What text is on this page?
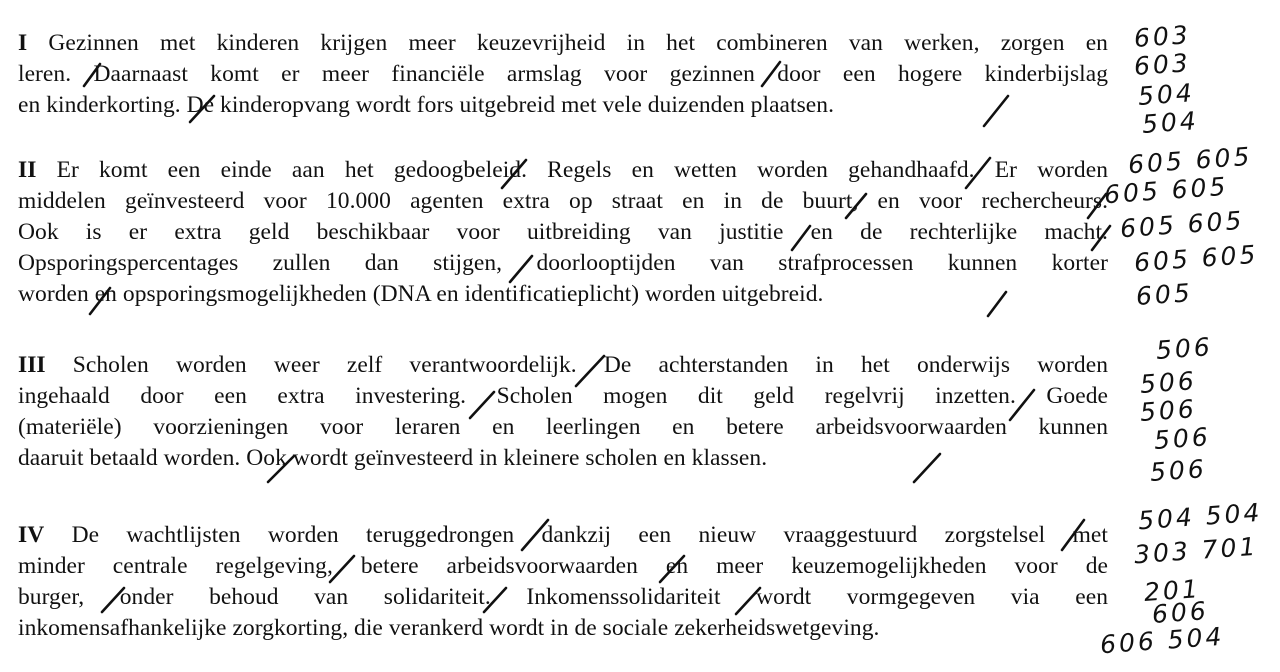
I Gezinnen met kinderen krijgen meer keuzevrijheid in het combineren van werken, zorgen en
leren. Daarnaast komt er meer financiële armslag voor gezinnen door een hogere kinderbijslag
en kinderkorting. De kinderopvang wordt fors uitgebreid met vele duizenden plaatsen.
II Er komt een einde aan het gedoogbeleid. Regels en wetten worden gehandhaafd. Er worden
middelen geïnvesteerd voor 10.000 agenten extra op straat en in de buurt, en voor rechercheurs.
Ook is er extra geld beschikbaar voor uitbreiding van justitie en de rechterlijke macht.
Opsporingspercentages zullen dan stijgen, doorlooptijden van strafprocessen kunnen korter
worden en opsporingsmogelijkheden (DNA en identificatieplicht) worden uitgebreid.
III Scholen worden weer zelf verantwoordelijk. De achterstanden in het onderwijs worden
ingehaald door een extra investering. Scholen mogen dit geld regelvrij inzetten. Goede
(materiële) voorzieningen voor leraren en leerlingen en betere arbeidsvoorwaarden kunnen
daaruit betaald worden. Ook wordt geïnvesteerd in kleinere scholen en klassen.
IV De wachtlijsten worden teruggedrongen dankzij een nieuw vraaggestuurd zorgstelsel met
minder centrale regelgeving, betere arbeidsvoorwaarden en meer keuzemogelijkheden voor de
burger, onder behoud van solidariteit. Inkomenssolidariteit wordt vormgegeven via een
inkomensafhankelijke zorgkorting, die verankerd wordt in de sociale zekerheidswetgeving.
603
603
504
504
605 605
605 605
605 605
605 605
605
506
506
506
506
506
504 504
303 701
201
606
606 504
